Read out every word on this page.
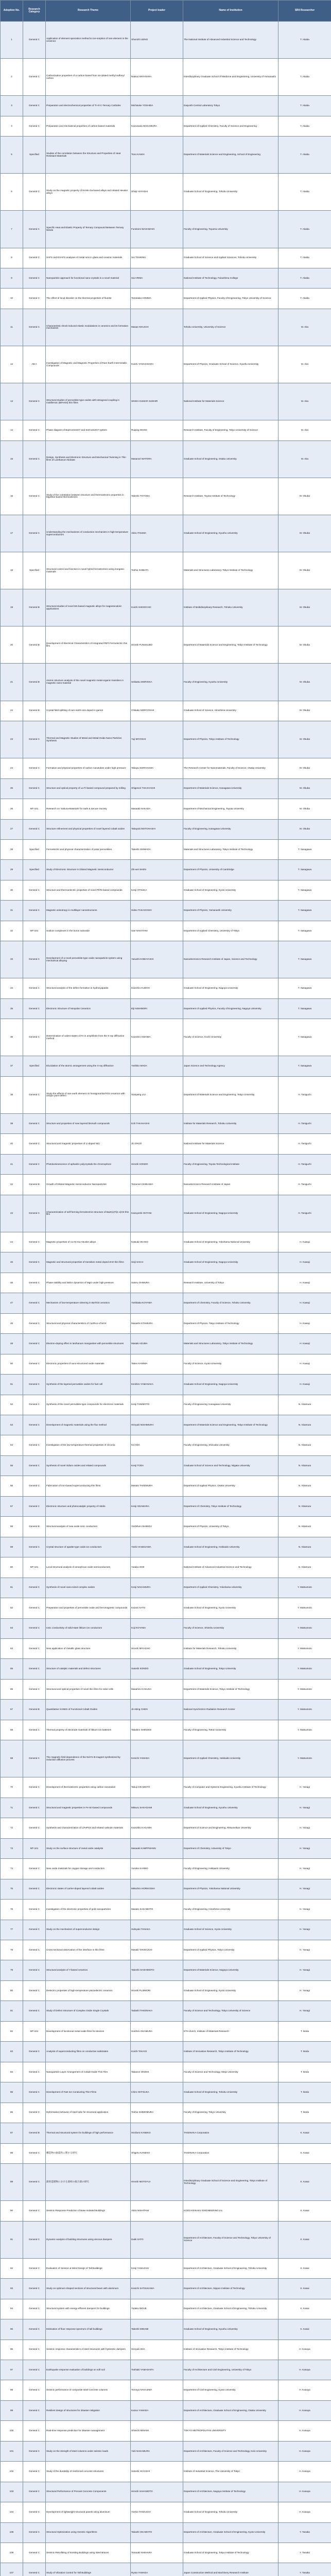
Adoption No.	Research Category	Research Theme	Project leader	Name of Institution	SR4 Researcher
1	General C	Application of element speciation method to ion-sorption of rare element in the ceramics	Shunichi UENO	The National Institute of Advanced Industrial Science and Technology	T. Akaba
2	General C	Carbonization properties of a carbon based from ion-plated methyl sulfonyl carbon	Natsuo MIYAHARA	Interdisciplinary Graduate School of Medicine and Engineering, University of Yamanashi	T. Akaba
3	General C	Preparation and electrochemical properties of Ti-Al-C-Ternary Carbides	Michisuke YOSHIDA	Daiyoshi Central Laboratory Tokyo	T. Akaba
4	General C	Preparation and mechanical properties of carbon-based materials	Kazumasa WAKAMURA	Department of Applied Chemistry, Faculty of Science and Engineering	T. Akaba
5	Specified	Studies of the correlation between the Structure and Properties of Heat Resistant Materials	Tono KAWAI	Department of Materials Science and Engineering, School of Engineering	T. Akaba
6	General C	Study on the magnetic property of Ni-Mn-Ga based alloys and related Heusler alloys	Shinji HAYASHI	Graduate School of Engineering, Tohoku University	T. Akaba
7	General C	Specific Heat and Elastic Property of Ternary Compound Between Ternary Nitride	Fumitomi WASHIZAKI	Faculty of Engineering, Toyama University	T. Akaba
8	General C	XAFS and EXAFS analyses of metal ions in glass and ceramic materials	Sei TSUKIMA	Graduate School of Science and Applied Sciences, Tohoku University	T. Akaba
9	General C	Nanoparticle approach for functional nano-crystals in a novel material	Sai ARIMA	National Institute of Technology, Fukushima College	T. Akaba
10	General C	The effect of local disorder on the thermal properties of fluorite	Tomotaka HOMMA	Department of Applied Physics, Faculty of Engineering, Tokyo University of Science	T. Akaba
11	General C	Characteristic shock-induced elastic modulations in ceramics and its formation mechanism	Masae KIKUCHI	Tohoku University, University of Science	M. Aka
12	AB A	Investigation of Magnetic and Magnetic Properties of Rare-Earth Intermetallic Compounds	Koichi YANAGIHARA	Department of Physics, Graduate School of Science, Kyushu University	M. Aka
13	General C	Structural studies of perovskite-type oxides with tetragonal coupling in multiferroic (BiFeO3) thin films	SINGH KUMAR SUDHIR	National Institute for Materials Science	M. Aka
14	General C	Phase diagram of Ba2CoGe2O7 and Sr2CoSi2O7 system	Ruiping WANG	Research Institute, Faculty of Engineering, Tokyo University of Science	M. Aka
15	General C	Design, Synthesis and Electronic Structure and Mechanical Twinning in Thin films of Lanthanum Niobate	Masanori WATORA	Graduate School of Engineering, Osaka University	M. Aka
16	General C	Study of the correlation between structure and thermoelectric properties in Mg3Sb2-based thermoelectric	Takeshi TOYODA	Research Institute, Toyota Institute of Technology	M. Okuba
17	General C	Understanding the mechanisms of conduction mechanism in high-temperature superconductors	Akira ITSUMA	Graduate School of Engineering, Kyushu University	M. Okuba
18	Specified	Structural control and function in novel hybrid ferroelectrics using inorganic materials	Toshio SHIBATA	Materials and Structures Laboratory, Tokyo Institute of Technology	M. Okuba
19	General B	Structural studies of novel Mn-based magnetic alloys for magnetocaloric applications	Koichi SHIDOCHO	Institute of Multidisciplinary Research, Tohoku University	M. Okuba
20	General B	Development of Electrical Characteristics of Integrated PBTi Ferroelectric thin film	Hiroshi FUNAKUBO	Department of Materials Science and Engineering, Tokyo Institute of Technology	M. Okuba
21	General B	Atomic structure analysis of the novel magnetic metal-organic transition in magnetic nano-material	Seikatsu MORIOKA	Faculty of Engineering, Kyushu University	M. Okuba
22	General B	Crystal field splitting of rare earth ions doped in garnet	Chikako MORIYOSHI	Graduate School of Science, Hiroshima University	M. Okuba
23	General C	Thermal and Magnetic Studies of Metal and Metal-Oxide Nano-Particles Synthesis	Yuji MIYOSHI	Department of Physics, Tokyo Institute of Technology	M. Okuba
24	General C	Formation and physical properties of carbon nanotubes under high pressure	Takaya SHIRAHAMA	The Research Center for Nanomaterials, Faculty of Science, Osaka University	M. Okuba
25	General C	Structure and optical property of La-Ti-based compound prepared by milling	Shigenori TAKAHASHI	Department of Materials Science, Kanagawa University	M. Okuba
26	MT-101	Research on 'Sakura-Materials' for Safe & Secure Society	Masaaki NAKADA	Department of Mechanical Engineering, Toyota University	M. Okuba
27	General C	Structure refinement and physical properties of novel layered cobalt oxides	Takayuki MOTOHASHI	Faculty of Engineering, Kanagawa University	M. Okuba
28	Specified	Ferroelectric and physical characterization of polar perovskites	Takeshi SHIMADA	Materials and Structures Laboratory, Tokyo Institute of Technology	T. Sasagawa
29	Specified	Study of Electronic Structure in Diluted Magnetic Semiconductor	Zhi-wei SHEN	Department of Physics, University of Cambridge	T. Sasagawa
30	General C	Structure and thermoelectric properties of novel PbTe-based compounds	Kenji OTSUKA	Graduate School of Engineering, Kyoto University	T. Sasagawa
31	General C	Magnetic anisotropy in multilayer nanostructures	Hideo TAKAGOSHI	Department of Physics, Yamanashi University	T. Sasagawa
32	MT-101	Sodium complexes in the boron suboxide	Sae NAKATANI	Department of Applied Chemistry, University of Tokyo	T. Sasagawa
33	General C	Development of a novel perovskite-type oxide nanoparticle system using mechanical alloying	Yasushi KOBAYASHI	Nanoelectronics Research Institute of Japan, Science and Technology	T. Sasagawa
34	General C	Structural analysis of the defect formation in hydroxyapatite	Kazuhiro KUDOH	Graduate School of Engineering, Nagoya University	T. Sasagawa
35	General C	Electronic Structure of Nonpolar Ceramics	Eiji NISHIBORI	Department of Applied Physics, Faculty of Engineering, Nagoya University	T. Sasagawa
36	General C	Determination of valent states of Fe in amphibole from the X-ray diffraction method	Kazuhiro OSHIMA	Faculty of Science, Kochi University	T. Sasagawa
37	Specified	Elucidation of the atomic arrangement using the X-ray diffraction	Yoshiko WADA	Japan Science and Technology Agency	T. Sasagawa
38	General C	Study the effects of rare earth element on hexagonal BaTiO3 ceramics with unique point defect	Xianpeng LIU	Department of Materials Science and Engineering, Tokyo University	H. Taniguchi
39	General C	Structure and properties of new layered bismuth compounds	Koh TAKAHASHI	Institute for Materials Research, Tohoku University	H. Taniguchi
40	General C	Structural and magnetic properties of Li-doped NiO	Jin ZHUO	National Institute for Materials Science	H. Taniguchi
41	General C	Photoluminescence of aphanitic polycrystals the chromophore	Hiroshi KONDO	Faculty of Engineering, Toyota Technological Institute	H. Taniguchi
42	General B	Growth of Diluted Magnetic Semiconductor Nanoparticles	Tomonori ISHIKAWA	Nanoelectronics Research Institute of Japan	H. Taniguchi
43	General C	Characterization of self-forming ferroelectrics structure of BaZr(x)Ti(1-x)O3 thin film	Kazuyoshi OHTANI	Graduate School of Engineering, Nagoya University	H. Taniguchi
44	General C	Magnetic properties of Co-Ni-Ga Heusler alloys	Katsuki OKANO	Graduate School of Engineering, Yokohama National University	H. Kawaji
45	General C	Magnetic and structural properties of transition metal doped ZnO thin films	Seiji SAKAI	Graduate School of Engineering, Nagoya University	H. Kawaji
46	General C	Phase stability and lattice dynamics of MgO under high pressure	Satoru OHMURA	Research Institute, University of Tokyo	H. Kawaji
47	General C	Mechanism of low-temperature sintering in BaTiO3 ceramics	Yoshitaka KOYAMA	Department of Chemistry, Faculty of Science, Tohoku University	H. Kawaji
48	General C	Structural and physical characteristics of Ca2Ru1-xTixO4	Masashi KITAMURA	Department of Physics, Tokyo Institute of Technology	H. Kawaji
49	General C	Electron-doping effect in lanthanum manganites with perovskite structures	Masaki AZUMA	Materials and Structures Laboratory, Tokyo Institute of Technology	H. Kawaji
50	General C	Electronic properties of nano-structured oxide materials	Takeo KANIWA	Faculty of Science, Kyoto University	H. Kawaji
51	General C	Synthesis of the layered perovskite oxides for fuel cell	Kimihiro YAMANAKA	Graduate School of Engineering, Nagoya University	H. Kawaji
52	General C	Synthesis of the novel perovskite-type compounds for electronic materials	Kenji TANIMOTO	Faculty of Engineering, Kanagawa University	N. Kitamura
53	General C	Development of magnetic materials using the flux method	Hiroyuki NISHIMURA	Department of Materials Science and Engineering, Tokyo Institute of Technology	N. Kitamura
54	General C	Investigation of the low-temperature thermal properties of zirconia	Kei IIDA	Faculty of Engineering, Shizuoka University	N. Kitamura
55	General C	Synthesis of novel iridium oxides and related compounds	Kenji TODA	Graduate School of Science and Technology, Niigata University	N. Kitamura
56	General C	Fabrication of iron-based superconducting thin films	Masato TAKEMURA	Department of Applied Physics, Osaka University	N. Kitamura
57	General C	Electronic structure and photocatalytic property of nitride	Kenji ODAWARA	Department of Chemistry, Tokyo Institute of Technology	N. Kitamura
58	General B	Structural analysis of new oxide ionic conductors	Yoshifumi SHIMIZU	Department of Physics, University of Tokyo	N. Kitamura
59	General C	Crystal structure of apatite-type oxide ion conductors	Yoshi HASEGAWA	Graduate School of Engineering, Hokkaido University	N. Kitamura
60	MT-101	Local structural analysis of amorphous oxide semiconductors	Yutaka ISHII	National Institute of Advanced Industrial Science and Technology	N. Kitamura
61	General C	Synthesis of novel nano-sized complex oxides	Kenji NAKAMURA	Department of Applied Chemistry, Yokohama University	Y. Matsumoto
62	General C	Preparation and properties of perovskite oxide and ferromagnetic compounds	Kazuki SATO	Graduate School of Engineering, Kyoto University	Y. Matsumoto
63	General C	Ionic conductivity of solid-state lithium ion conductors	Koji KOYAMA	Faculty of Science, Shinshu University	Y. Matsumoto
64	General C	New application of metallic glass structure	Hiroshi MIYAZAKI	Institute for Materials Research, Tohoku University	Y. Matsumoto
65	General C	Structure of catalytic materials and defect structures	Satoshi KONDO	Graduate School of Engineering, Tokyo University	Y. Matsumoto
66	General C	Structural and optical properties of novel thin films for solar cells	Masahiro KASUGA	Department of Materials Science, Tokyo Institute of Technology	Y. Matsumoto
67	General B	Quantitative XANES of Functional Cobalt Oxides	Jin-Ming CHEN	National Synchrotron Radiation Research Center	Y. Matsumoto
68	General C	Thermal property of electrode materials of lithium ion batteries	Takahiro SHINOKE	Faculty of Engineering, Tottori University	Y. Matsumoto
69	General C	The magnetic field dependence of the Nd-Fe-B magnet synthesized by reduction diffusion process	Kenichi YAMADA	Department of Applied Chemistry, Hokkaido University	Y. Matsumoto
70	General C	Development of thermoelectric properties using carbon nanotubes	Takuji OKAMOTO	Faculty of Computer and Systems Engineering, Kyushu Institute of Technology	H. Yanagi
71	General C	Structural and magnetic properties in Fe-Sn-based compounds	Mitsuru SAKAGAMI	Graduate School of Engineering, Kyushu University	H. Yanagi
72	General C	Synthesis and characterization of LiFePO4 and related cathode materials	Kazuhiko KAGAWA	Department of Science and Engineering, Ritsumeikan University	H. Yanagi
73	MT-101	Study on the surface structure of metal oxide catalysts	Masaaki KAMPFMANN	Department of Chemistry, University of Tokyo	H. Yanagi
74	General C	New oxide materials for oxygen storage and conduction	Yusuke KANNO	Faculty of Engineering, Hokkaido University	H. Yanagi
75	General C	Electronic states of carrier-doped layered cobalt oxides	Mitsuhiro HORIKOSHI	Department of Physics, Yokohama National University	H. Yanagi
76	General C	Investigation of the electronic properties of gold nanoparticles	Masato SAKAMOTO	Faculty of Engineering, Hiroshima University	H. Yanagi
77	General C	Study on the mechanism of superconductor design	Hideyuki TANAKA	Graduate School of Science, Kyoto University	H. Yanagi
78	General C	Cross-sectional observation of the interface in thin films	Masaki TANIGUCHI	Department of Applied Physics, Tokyo University	H. Yanagi
79	General C	Structural analysis of Y-based ceramics	Takeshi HASHIMOTO	Department of Materials Science, Nagoya University	H. Yanagi
80	General C	Dielectric properties of high-temperature piezoelectric ceramics	Hiroshi FUJIMORI	Graduate School of Engineering, Kyoto University	H. Yanagi
81	General C	Study of Defect Structure of Complex Oxide Single Crystals	Tadashi TAKENAKA	Faculty of Science and Technology, Tokyo University of Science	H. Yanagi
82	MT-101	Development of functional metal oxide films for devices	Soichiro OKAMURA	ETH Zurich, Institute of Materials Research	T. Ikeda
83	General C	Analysis of superconducting films on conductive substrates	Koichi TAKAGI	Institute of Innovative Research, Tokyo Institute of Technology	T. Ikeda
84	General C	Nanoparticle Layer Arrangement of Cobalt Oxide Thin Film	Takanori ONISHI	Faculty of Science and Technology, Meijo University	T. Ikeda
85	General C	Development of Fast Ion Conducting Thin-Films	Ichiro OHTSUKA	Graduate School of Engineering, Tohoku University	T. Ikeda
86	General C	Deformation behavior of steel tube for structural application	Toshio SHIMOMURA	Faculty of Engineering, Tokyo University	T. Ikeda
87	General B	Thermal and structural system for buildings of high performance	Hirofumi KANEKO	TAKENAKA Corporation	K. Kasai
88	General C	構造物の耐震性に関する研究	Shigeru KANEKO	TAKENAKA Corporation	K. Kasai
89	General C	鉄骨造建物における部材の接合部の研究	Hiroshi MOTOYUI	Interdisciplinary Graduate School of Science and Engineering, Tokyo Institute of Technology	K. Kasai
90	General C	Seismic Response Prediction of Base Isolated Buildings	Akira NISHITANI	KOZO KEIKAKU ENGINEERING Inc.	K. Kasai
91	General C	Dynamic analysis of building structures using viscous dampers	Daiki SATO	Department of Architecture, Faculty of Science and Technology, Tokyo University of Science	K. Kasai
92	General C	Evaluation of Seismic & Wind Design of Tall Buildings	Kenji YAMAZAKI	Department of Architecture, Graduate School of Engineering, Tohoku University	K. Kasai
93	General C	Study on optimum shaped sections of structural beam with aluminum	Kenichi SATSUKAWA	Department of Architecture, Nippon Institute of Technology	K. Kasai
94	General C	Structural system with energy-efficient dampers for buildings	Yutaka INOUE	Department of Architecture, Graduate School of Engineering, Tohoku University	K. Kasai
95	General C	Estimation of floor response spectrum of tall buildings	Takeshi MINAMI	Graduate School of Engineering, Kyushu University	K. Kasai
96	General C	Seismic response characteristics of steel structures with hysteretic dampers	Hiroyuki IIDA	Institute of Innovative Research, Tokyo Institute of Technology	H. Kanaya
97	General C	Earthquake response evaluation of buildings on soft soil	Toshiaki YAMASHITA	Faculty of Architecture and Civil Engineering, University of Tokyo	H. Kanaya
98	General C	Seismic performance of composite steel-concrete columns	Tomoya NAKAJIMA	Department of Civil Engineering, Kyoto University	H. Kanaya
99	General C	Resilient design of structures for disaster mitigation	Kazuo YAMADA	Department of Architecture, Graduate School of Engineering, Osaka University	H. Kanaya
100	General C	Real-time response prediction for disaster management	Shinichi MINAMI	TOKYO METROPOLITAN UNIVERSITY	H. Kanaya
101	General C	Study on the strength of steel columns under seismic loads	Yuki NAKAMURA	Department of Architecture, Faculty of Science and Technology, Keio University	H. Kanaya
102	General C	Study of the durability of reinforced concrete structures	Satoshi HAYASHI	Institute of Industrial Science, The University of Tokyo	H. Kanaya
103	General C	Structural Performance of Precast Concrete Components	Hiroshi SAKAMOTO	Department of Architecture, Nagoya Institute of Technology	H. Kanaya
104	General C	Development of lightweight structural panels using aluminum	Yoshio TAKEUCHI	Graduate School of Engineering, Tohoku University	H. Kanaya
105	General C	Structural Optimization using Genetic Algorithms	Takashi OKAMOTO	Department of Architecture, Graduate School of Engineering, Kyoto University	Y. Tanaka
106	General C	Seismic Retrofitting of Existing Buildings using Steel Braces	Tomoaki ISHIHARA	Graduate School of Engineering, Tokyo Institute of Technology	Y. Tanaka
107	General C	Study of Vibration Control for Tall Buildings	Ryota YAMADA	Japan Construction Method and Machinery Research Institute	Y. Tanaka
